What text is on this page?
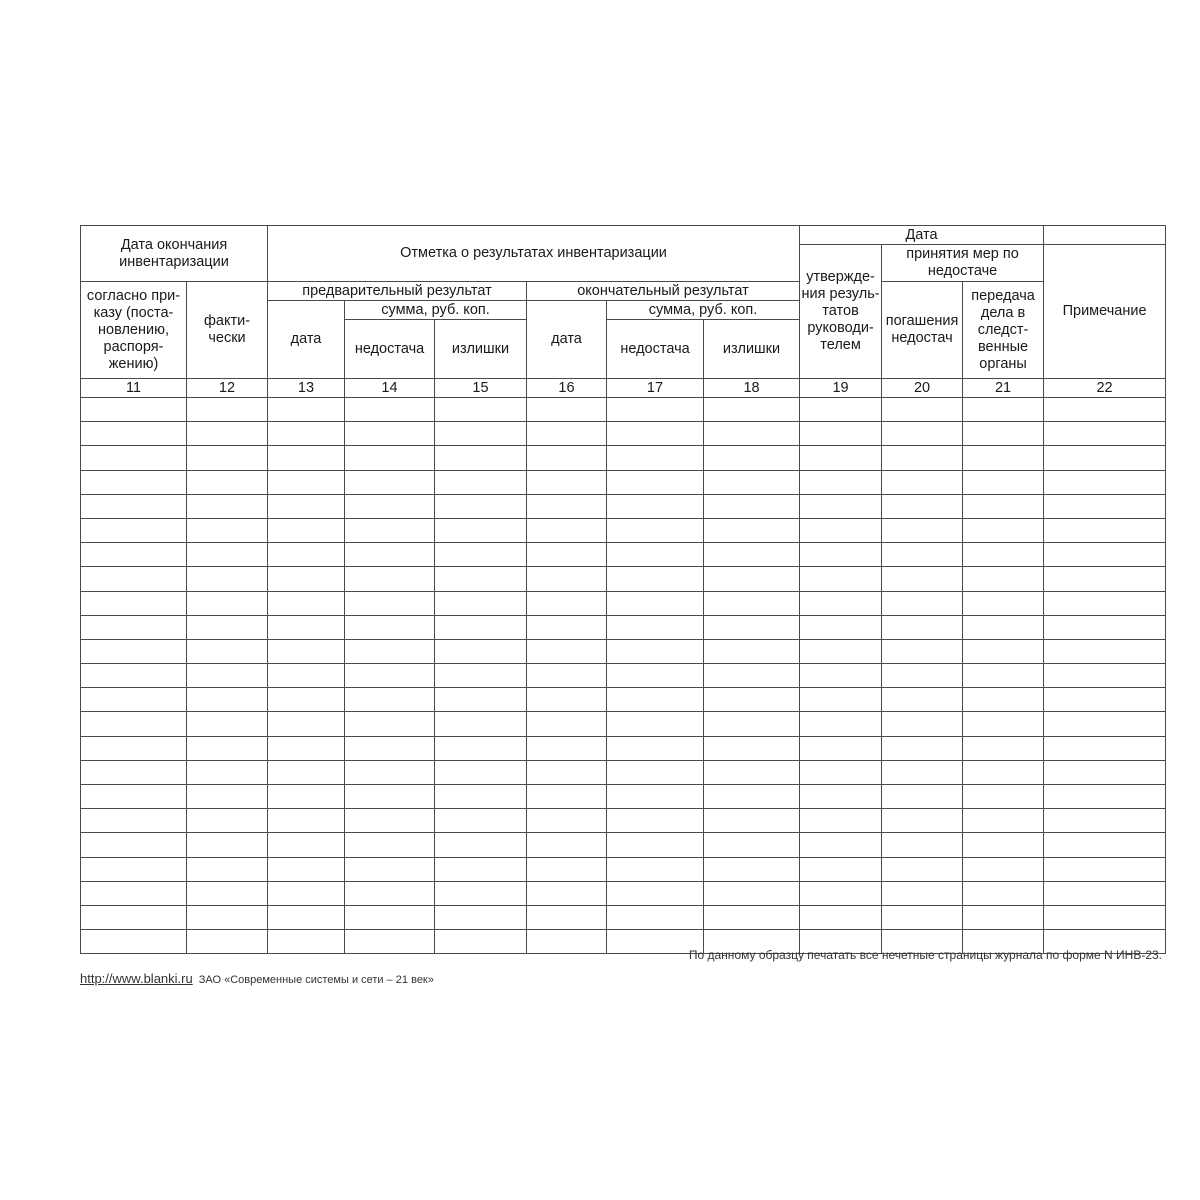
Дата окончания инвентаризации		Отметка о результатах инвентаризации						Дата			
								утвержде-ния резуль-татов руководи-телем	принятия мер по недостаче		Примечание
согласно при-казу (поста-новлению, распоря-жению)	факти-чески	предварительный результат			окончательный результат				погашения недостач	передача дела в следст-венные органы	
		дата	сумма, руб. коп.		дата	сумма, руб. коп.					
			недостача	излишки		недостача	излишки				
11	12	13	14	15	16	17	18	19	20	21	22

По данному образцу печатать все нечетные страницы журнала по форме N ИНВ-23.
http://www.blanki.ru ЗАО «Современные системы и сети – 21 век»
